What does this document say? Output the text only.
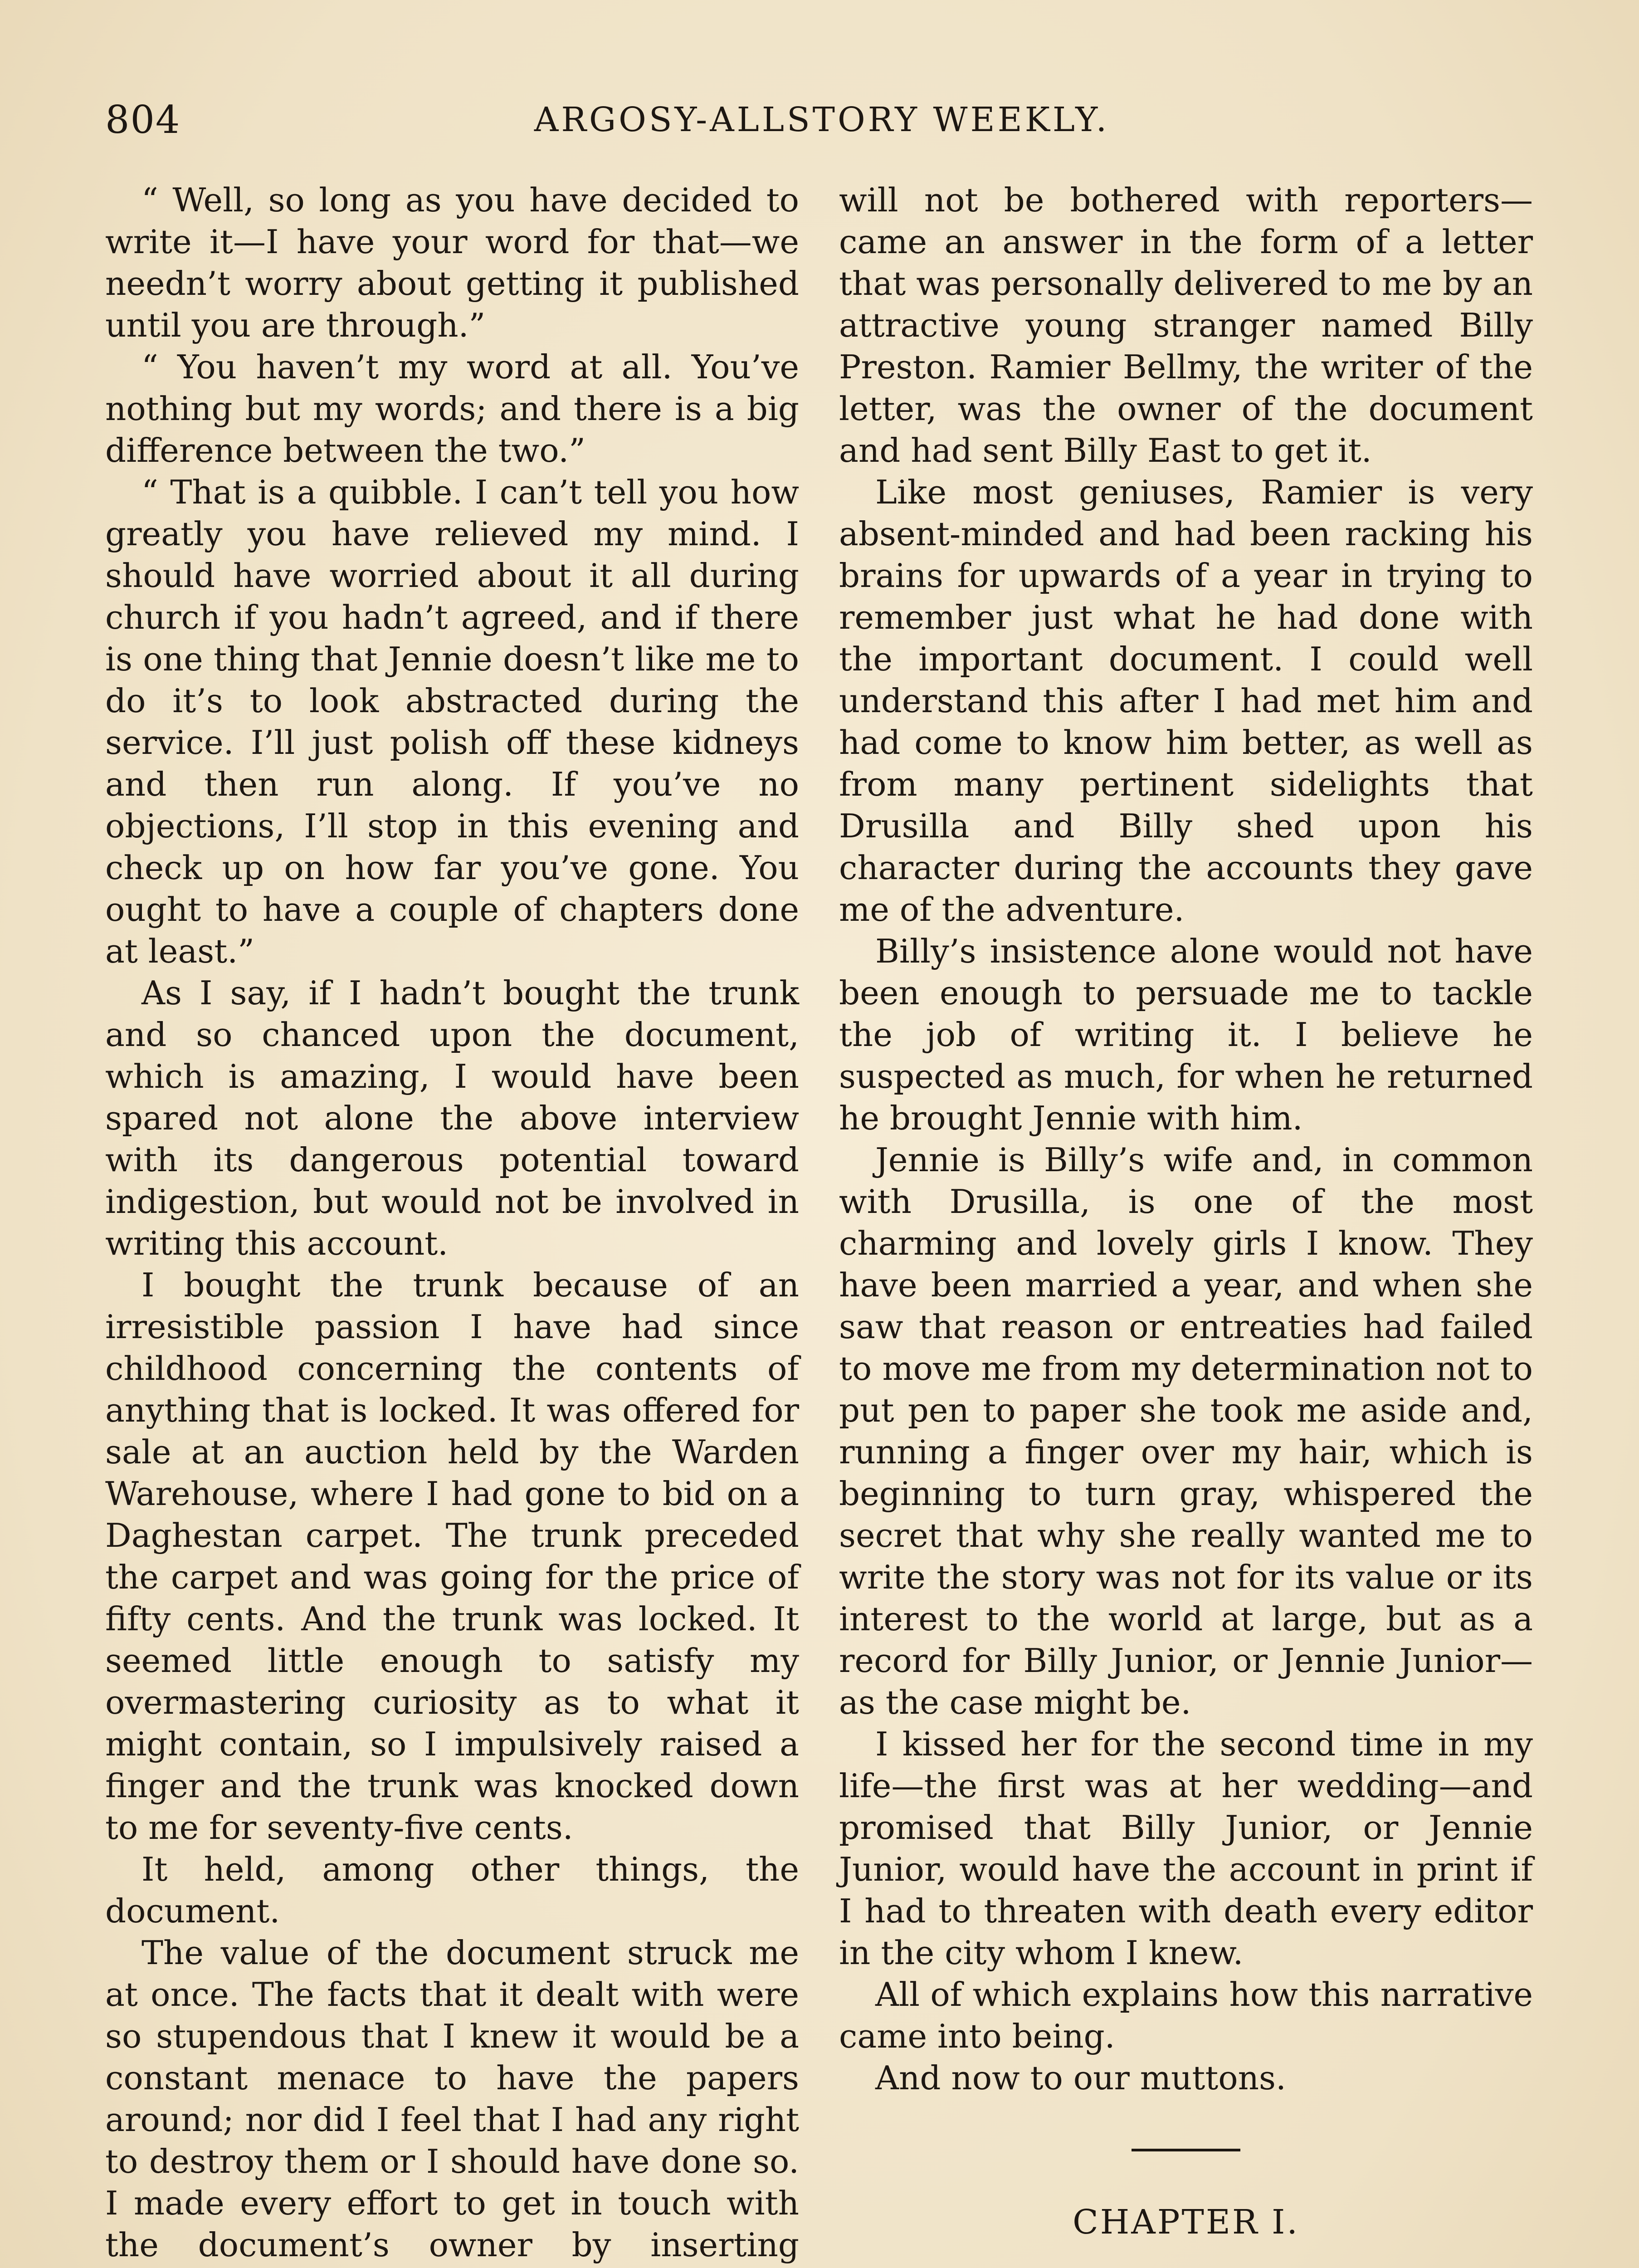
804	ARGOSY-ALLSTORY WEEKLY.

“ Well, so long as you have decided to write it—I have your word for that—we needn’t worry about getting it published until you are through.”

“ You haven’t my word at all. You’ve nothing but my words; and there is a big difference between the two.”

“ That is a quibble. I can’t tell you how greatly you have relieved my mind. I should have worried about it all during church if you hadn’t agreed, and if there is one thing that Jennie doesn’t like me to do it’s to look abstracted during the service. I’ll just polish off these kidneys and then run along. If you’ve no objections, I’ll stop in this evening and check up on how far you’ve gone. You ought to have a couple of chapters done at least.”

As I say, if I hadn’t bought the trunk and so chanced upon the document, which is amazing, I would have been spared not alone the above interview with its dangerous potential toward indigestion, but would not be involved in writing this account.

I bought the trunk because of an irresistible passion I have had since childhood concerning the contents of anything that is locked. It was offered for sale at an auction held by the Warden Warehouse, where I had gone to bid on a Daghestan carpet. The trunk preceded the carpet and was going for the price of fifty cents. And the trunk was locked. It seemed little enough to satisfy my overmastering curiosity as to what it might contain, so I impulsively raised a finger and the trunk was knocked down to me for seventy-five cents.

It held, among other things, the document.

The value of the document struck me at once. The facts that it dealt with were so stupendous that I knew it would be a constant menace to have the papers around; nor did I feel that I had any right to destroy them or I should have done so. I made every effort to get in touch with the document’s owner by inserting

will not be bothered with reporters—came an answer in the form of a letter that was personally delivered to me by an attractive young stranger named Billy Preston. Ramier Bellmy, the writer of the letter, was the owner of the document and had sent Billy East to get it.

Like most geniuses, Ramier is very absent-minded and had been racking his brains for upwards of a year in trying to remember just what he had done with the important document. I could well understand this after I had met him and had come to know him better, as well as from many pertinent sidelights that Drusilla and Billy shed upon his character during the accounts they gave me of the adventure.

Billy’s insistence alone would not have been enough to persuade me to tackle the job of writing it. I believe he suspected as much, for when he returned he brought Jennie with him.

Jennie is Billy’s wife and, in common with Drusilla, is one of the most charming and lovely girls I know. They have been married a year, and when she saw that reason or entreaties had failed to move me from my determination not to put pen to paper she took me aside and, running a finger over my hair, which is beginning to turn gray, whispered the secret that why she really wanted me to write the story was not for its value or its interest to the world at large, but as a record for Billy Junior, or Jennie Junior—as the case might be.

I kissed her for the second time in my life—the first was at her wedding—and promised that Billy Junior, or Jennie Junior, would have the account in print if I had to threaten with death every editor in the city whom I knew.

All of which explains how this narrative came into being.

And now to our muttons.

CHAPTER I.
